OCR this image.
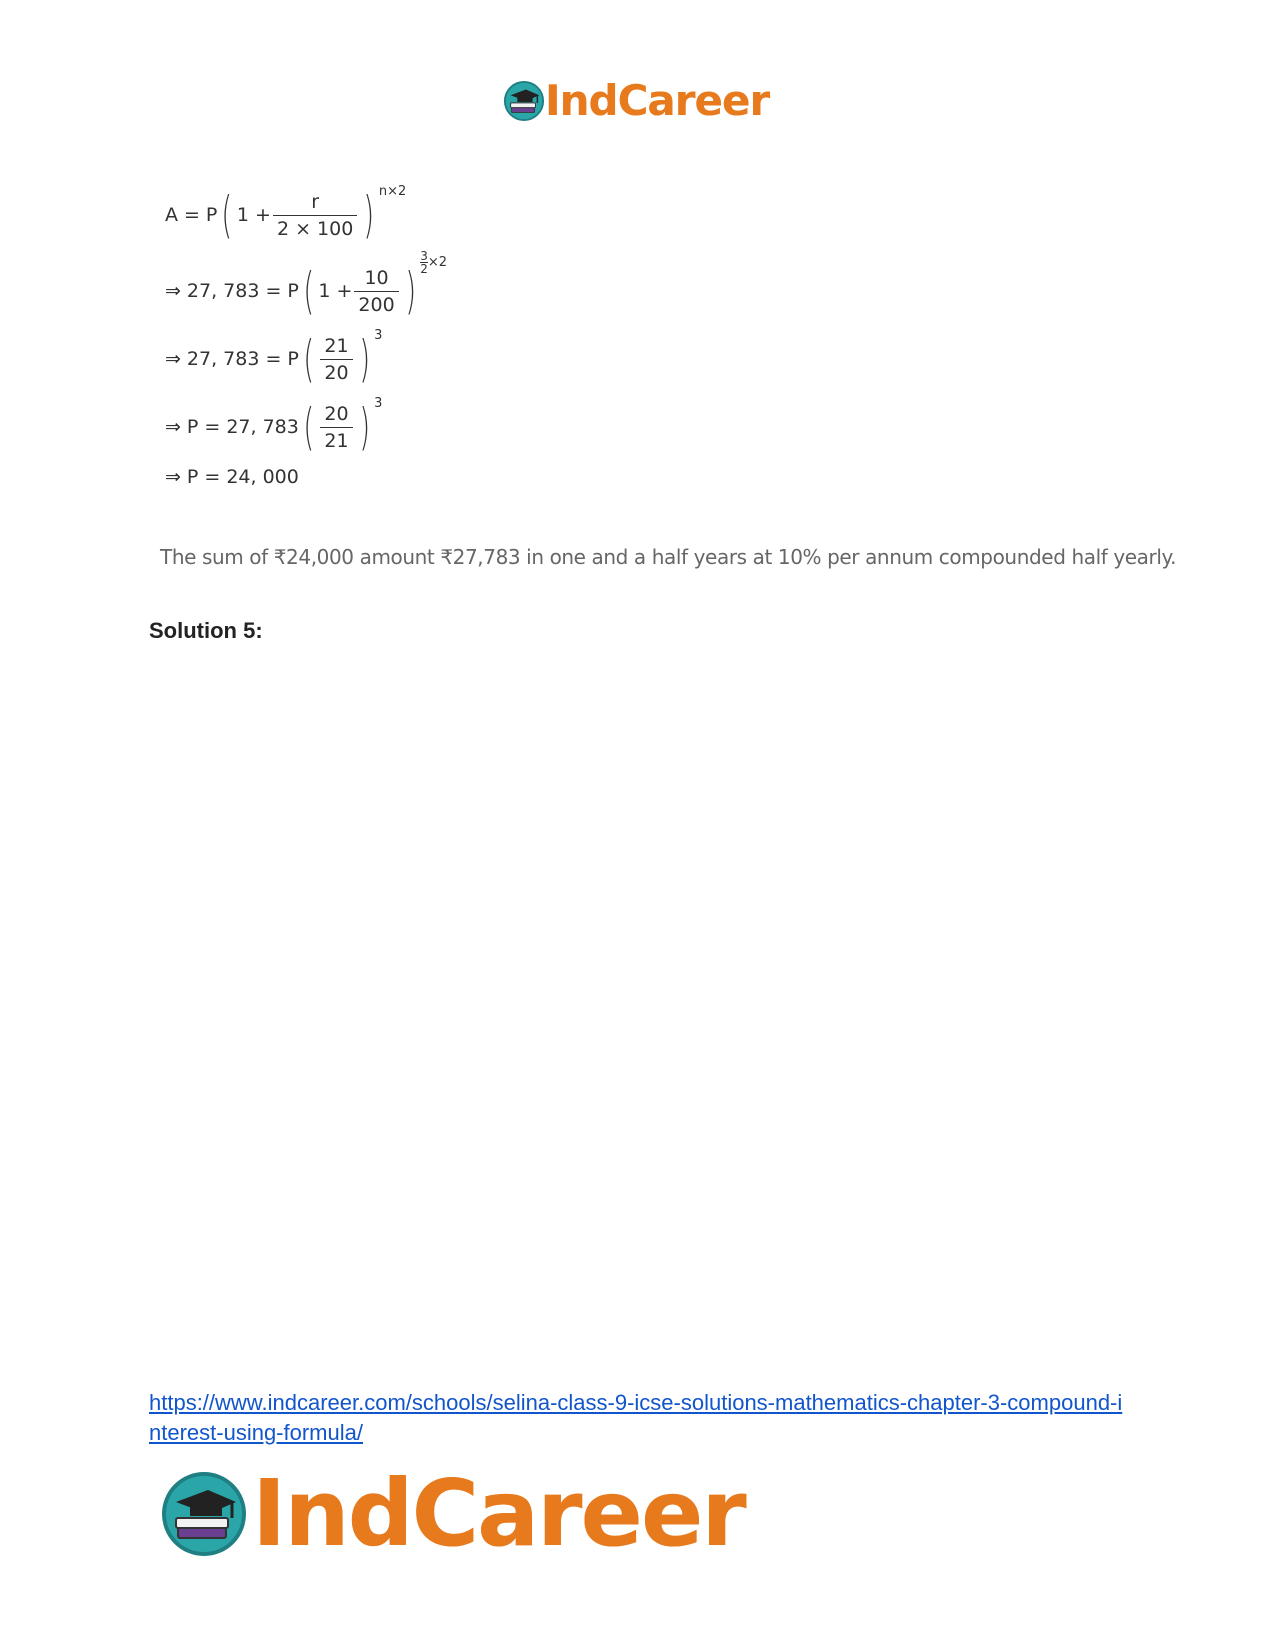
IndCareer
A = P ( $1 + \frac{r}{2 \times 100}$ ) n×2
⇒ 27, 783 = P ( $1 + \frac{10}{200}$ ) $\frac{3}{2} \times 2$
⇒ 27, 783 = P ( $\frac{21}{20}$ ) 3
⇒ P = 27, 783 ( $\frac{20}{21}$ ) 3
⇒ P = 24, 000
The sum of ₹24,000 amount ₹27,783 in one and a half years at 10% per annum compounded half yearly.
Solution 5:
https://www.indcareer.com/schools/selina-class-9-icse-solutions-mathematics-chapter-3-compound-interest-using-formula/
IndCareer
